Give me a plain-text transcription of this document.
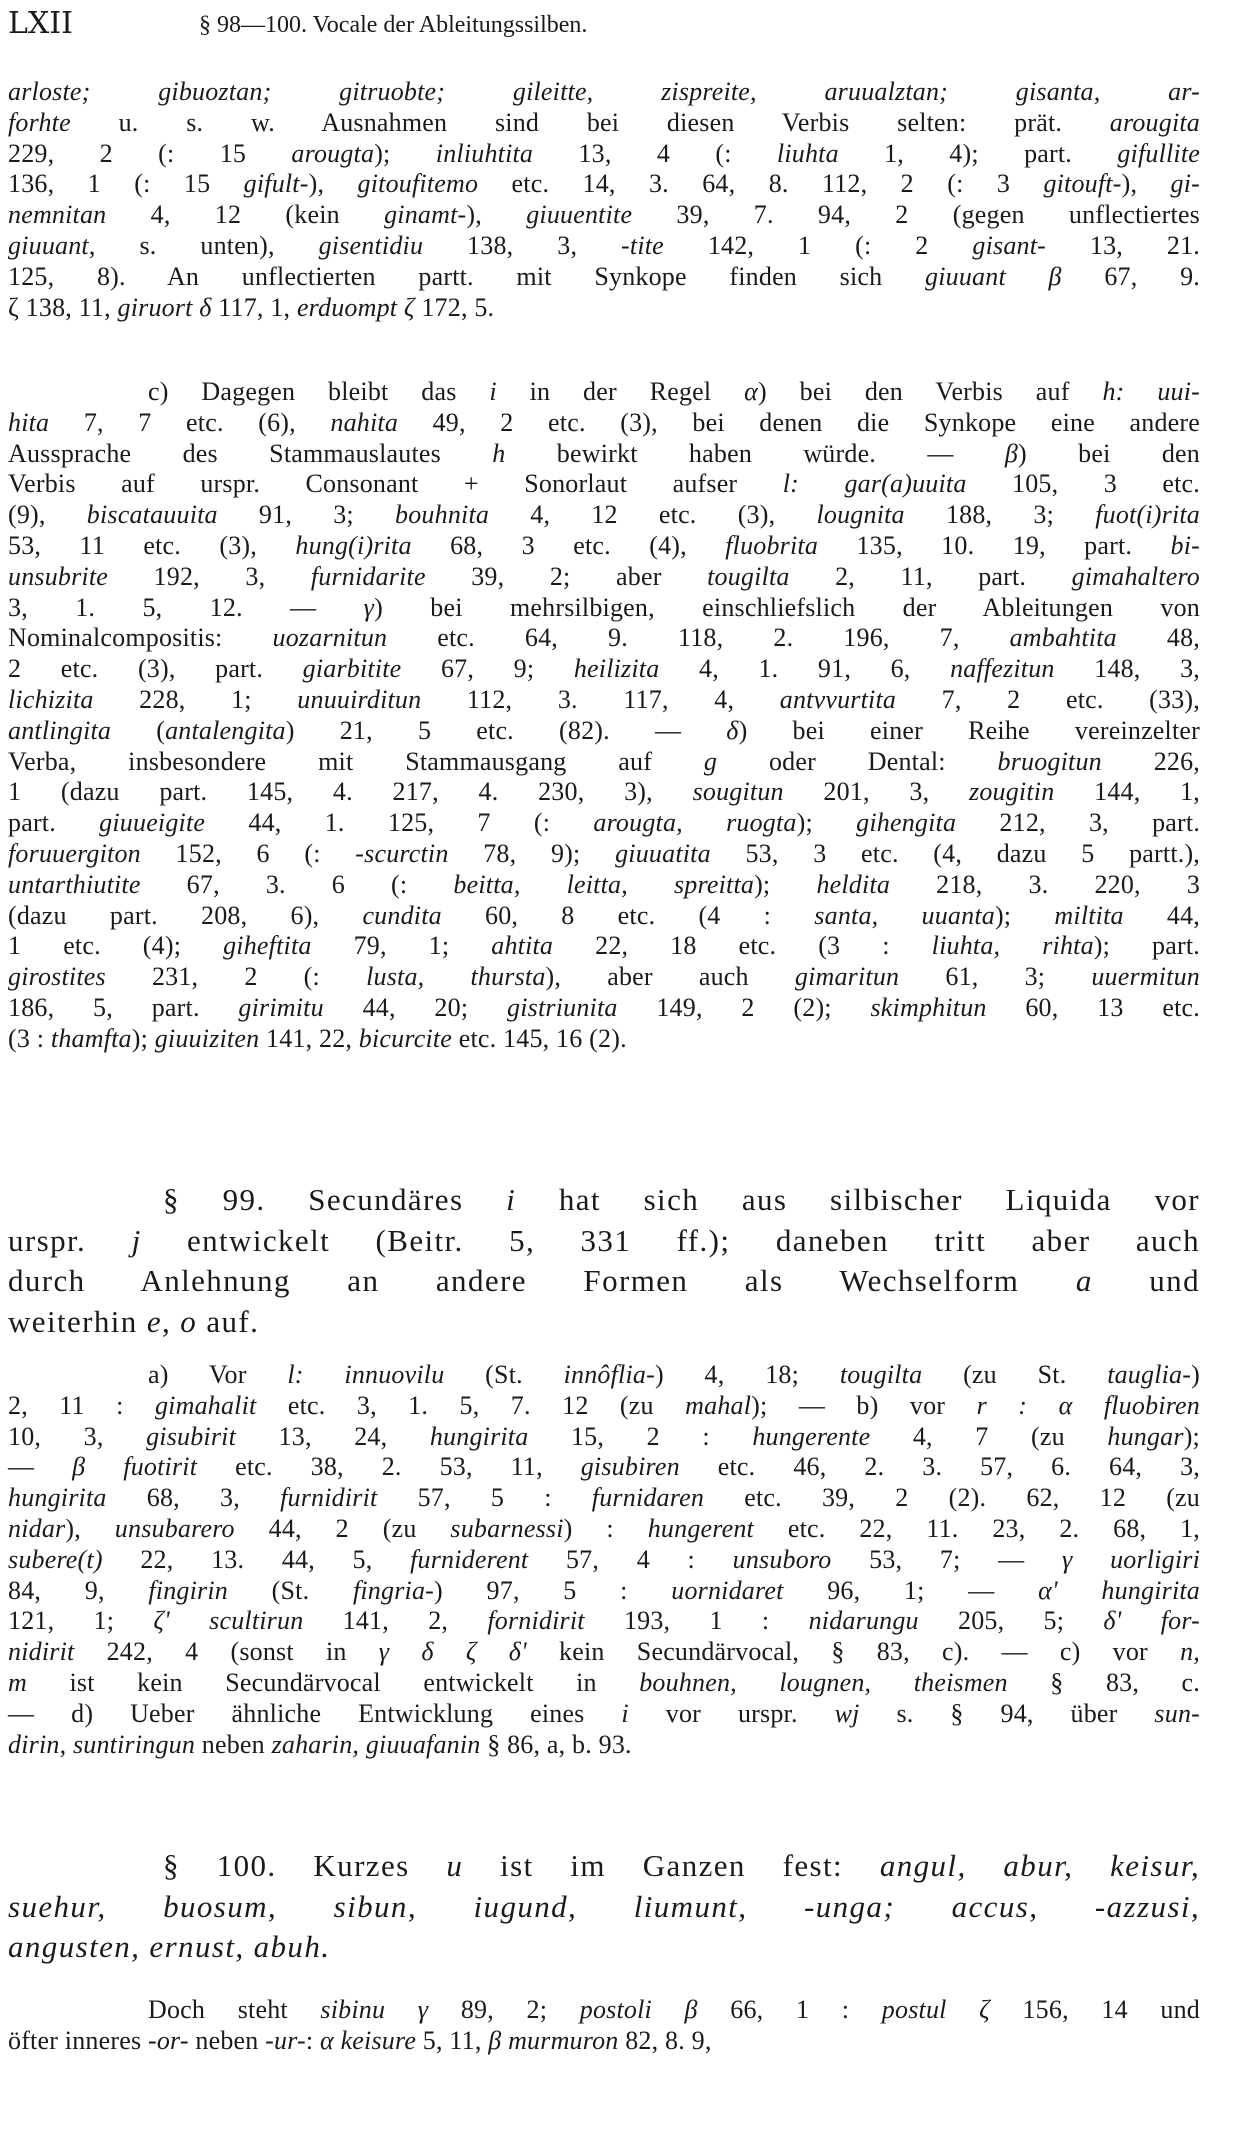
LXII	§ 98—100. Vocale der Ableitungssilben.
arloste; gibuoztan; gitruobte; gileitte, zispreite, aruualztan; gisanta, ar-
forhte u. s. w. Ausnahmen sind bei diesen Verbis selten: prät. arougita
229, 2 (: 15 arougta); inliuhtita 13, 4 (: liuhta 1, 4); part. gifullite
136, 1 (: 15 gifult-), gitoufitemo etc. 14, 3. 64, 8. 112, 2 (: 3 gitouft-), gi-
nemnitan 4, 12 (kein ginamt-), giuuentite 39, 7. 94, 2 (gegen unflectiertes
giuuant, s. unten), gisentidiu 138, 3, -tite 142, 1 (: 2 gisant- 13, 21.
125, 8). An unflectierten partt. mit Synkope finden sich giuuant β 67, 9.
ζ 138, 11, giruort δ 117, 1, erduompt ζ 172, 5.
c) Dagegen bleibt das i in der Regel α) bei den Verbis auf h: uui-
hita 7, 7 etc. (6), nahita 49, 2 etc. (3), bei denen die Synkope eine andere
Aussprache des Stammauslautes h bewirkt haben würde. — β) bei den
Verbis auf urspr. Consonant + Sonorlaut aufser l: gar(a)uuita 105, 3 etc.
(9), biscatauuita 91, 3; bouhnita 4, 12 etc. (3), lougnita 188, 3; fuot(i)rita
53, 11 etc. (3), hung(i)rita 68, 3 etc. (4), fluobrita 135, 10. 19, part. bi-
unsubrite 192, 3, furnidarite 39, 2; aber tougilta 2, 11, part. gimahaltero
3, 1. 5, 12. — γ) bei mehrsilbigen, einschliefslich der Ableitungen von
Nominalcompositis: uozarnitun etc. 64, 9. 118, 2. 196, 7, ambahtita 48,
2 etc. (3), part. giarbitite 67, 9; heilizita 4, 1. 91, 6, naffezitun 148, 3,
lichizita 228, 1; unuuirditun 112, 3. 117, 4, antvvurtita 7, 2 etc. (33),
antlingita (antalengita) 21, 5 etc. (82). — δ) bei einer Reihe vereinzelter
Verba, insbesondere mit Stammausgang auf g oder Dental: bruogitun 226,
1 (dazu part. 145, 4. 217, 4. 230, 3), sougitun 201, 3, zougitin 144, 1,
part. giuueigite 44, 1. 125, 7 (: arougta, ruogta); gihengita 212, 3, part.
foruuergiton 152, 6 (: -scurctin 78, 9); giuuatita 53, 3 etc. (4, dazu 5 partt.),
untarthiutite 67, 3. 6 (: beitta, leitta, spreitta); heldita 218, 3. 220, 3
(dazu part. 208, 6), cundita 60, 8 etc. (4 : santa, uuanta); miltita 44,
1 etc. (4); giheftita 79, 1; ahtita 22, 18 etc. (3 : liuhta, rihta); part.
girostites 231, 2 (: lusta, thursta), aber auch gimaritun 61, 3; uuermitun
186, 5, part. girimitu 44, 20; gistriunita 149, 2 (2); skimphitun 60, 13 etc.
(3 : thamfta); giuuiziten 141, 22, bicurcite etc. 145, 16 (2).
§ 99. Secundäres i hat sich aus silbischer Liquida vor
urspr. j entwickelt (Beitr. 5, 331 ff.); daneben tritt aber auch
durch Anlehnung an andere Formen als Wechselform a und
weiterhin e, o auf.
a) Vor l: innuovilu (St. innôflia-) 4, 18; tougilta (zu St. tauglia-)
2, 11 : gimahalit etc. 3, 1. 5, 7. 12 (zu mahal); — b) vor r : α fluobiren
10, 3, gisubirit 13, 24, hungirita 15, 2 : hungerente 4, 7 (zu hungar);
— β fuotirit etc. 38, 2. 53, 11, gisubiren etc. 46, 2. 3. 57, 6. 64, 3,
hungirita 68, 3, furnidirit 57, 5 : furnidaren etc. 39, 2 (2). 62, 12 (zu
nidar), unsubarero 44, 2 (zu subarnessi) : hungerent etc. 22, 11. 23, 2. 68, 1,
subere(t) 22, 13. 44, 5, furniderent 57, 4 : unsuboro 53, 7; — γ uorligiri
84, 9, fingirin (St. fingria-) 97, 5 : uornidaret 96, 1; — α' hungirita
121, 1; ζ' scultirun 141, 2, fornidirit 193, 1 : nidarungu 205, 5; δ' for-
nidirit 242, 4 (sonst in γ δ ζ δ' kein Secundärvocal, § 83, c). — c) vor n,
m ist kein Secundärvocal entwickelt in bouhnen, lougnen, theismen § 83, c.
— d) Ueber ähnliche Entwicklung eines i vor urspr. wj s. § 94, über sun-
dirin, suntiringun neben zaharin, giuuafanin § 86, a, b. 93.
§ 100. Kurzes u ist im Ganzen fest: angul, abur, keisur,
suehur, buosum, sibun, iugund, liumunt, -unga; accus, -azzusi,
angusten, ernust, abuh.
Doch steht sibinu γ 89, 2; postoli β 66, 1 : postul ζ 156, 14 und
öfter inneres -or- neben -ur-: α keisure 5, 11, β murmuron 82, 8. 9,
